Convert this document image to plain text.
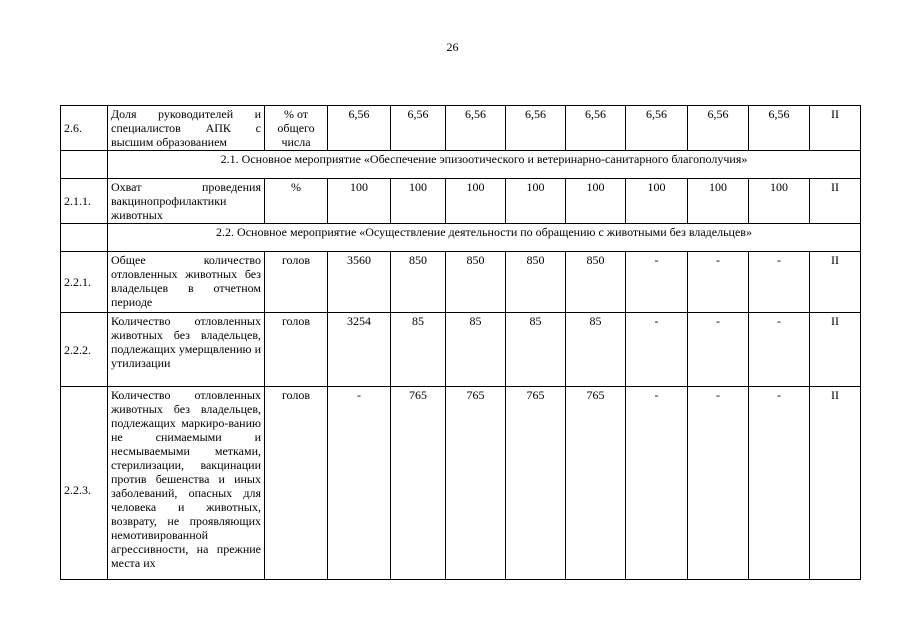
26
2.6.	Доля руководителей и специалистов АПК с высшим образованием	% от общего числа	6,56	6,56	6,56	6,56	6,56	6,56	6,56	6,56	II
	2.1. Основное мероприятие «Обеспечение эпизоотического и ветеринарно-санитарного благополучия»										
2.1.1.	Охват проведения вакцинопрофилактики животных	%	100	100	100	100	100	100	100	100	II
	2.2. Основное мероприятие «Осуществление деятельности по обращению с животными без владельцев»										
2.2.1.	Общее количество отловленных животных без владельцев в отчетном периоде	голов	3560	850	850	850	850	-	-	-	II
2.2.2.	Количество отловленных животных без владельцев, подлежащих умерщвлению и утилизации	голов	3254	85	85	85	85	-	-	-	II
2.2.3.	Количество отловленных животных без владельцев, подлежащих маркиро-ванию не снимаемыми и несмываемыми метками, стерилизации, вакцинации против бешенства и иных заболеваний, опасных для человека и животных, возврату, не проявляющих немотивированной агрессивности, на прежние места их	голов	-	765	765	765	765	-	-	-	II
